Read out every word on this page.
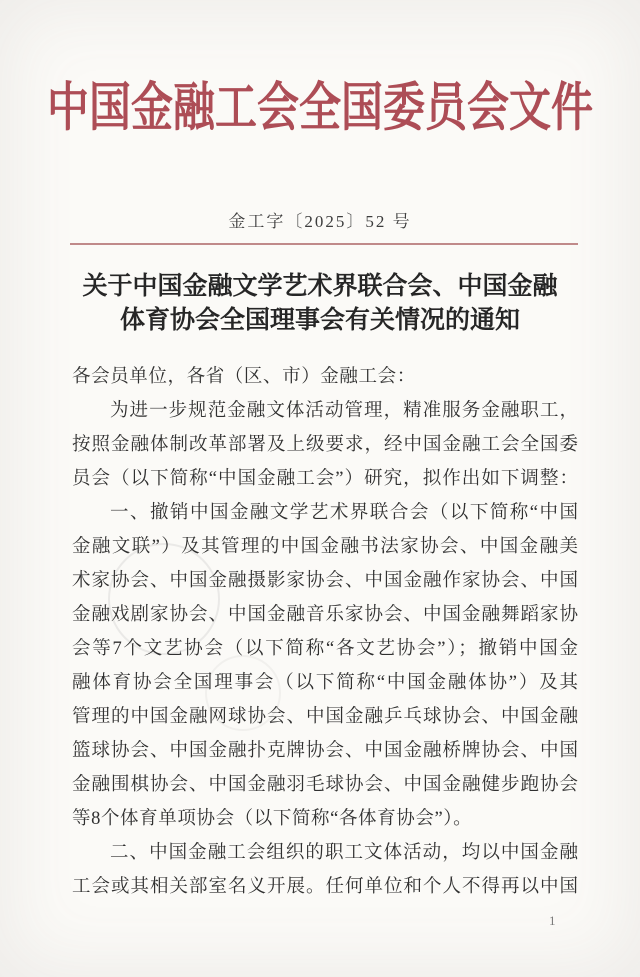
中国金融工会全国委员会文件
金工字〔2025〕52 号
关于中国金融文学艺术界联合会、中国金融
体育协会全国理事会有关情况的通知
各会员单位，各省（区、市）金融工会：
为进一步规范金融文体活动管理，精准服务金融职工，
按照金融体制改革部署及上级要求，经中国金融工会全国委
员会（以下简称“中国金融工会”）研究，拟作出如下调整：
一、撤销中国金融文学艺术界联合会（以下简称“中国
金融文联”）及其管理的中国金融书法家协会、中国金融美
术家协会、中国金融摄影家协会、中国金融作家协会、中国
金融戏剧家协会、中国金融音乐家协会、中国金融舞蹈家协
会等7个文艺协会（以下简称“各文艺协会”）；撤销中国金
融体育协会全国理事会（以下简称“中国金融体协”）及其
管理的中国金融网球协会、中国金融乒乓球协会、中国金融
篮球协会、中国金融扑克牌协会、中国金融桥牌协会、中国
金融围棋协会、中国金融羽毛球协会、中国金融健步跑协会
等8个体育单项协会（以下简称“各体育协会”）。
二、中国金融工会组织的职工文体活动，均以中国金融
工会或其相关部室名义开展。任何单位和个人不得再以中国
1
